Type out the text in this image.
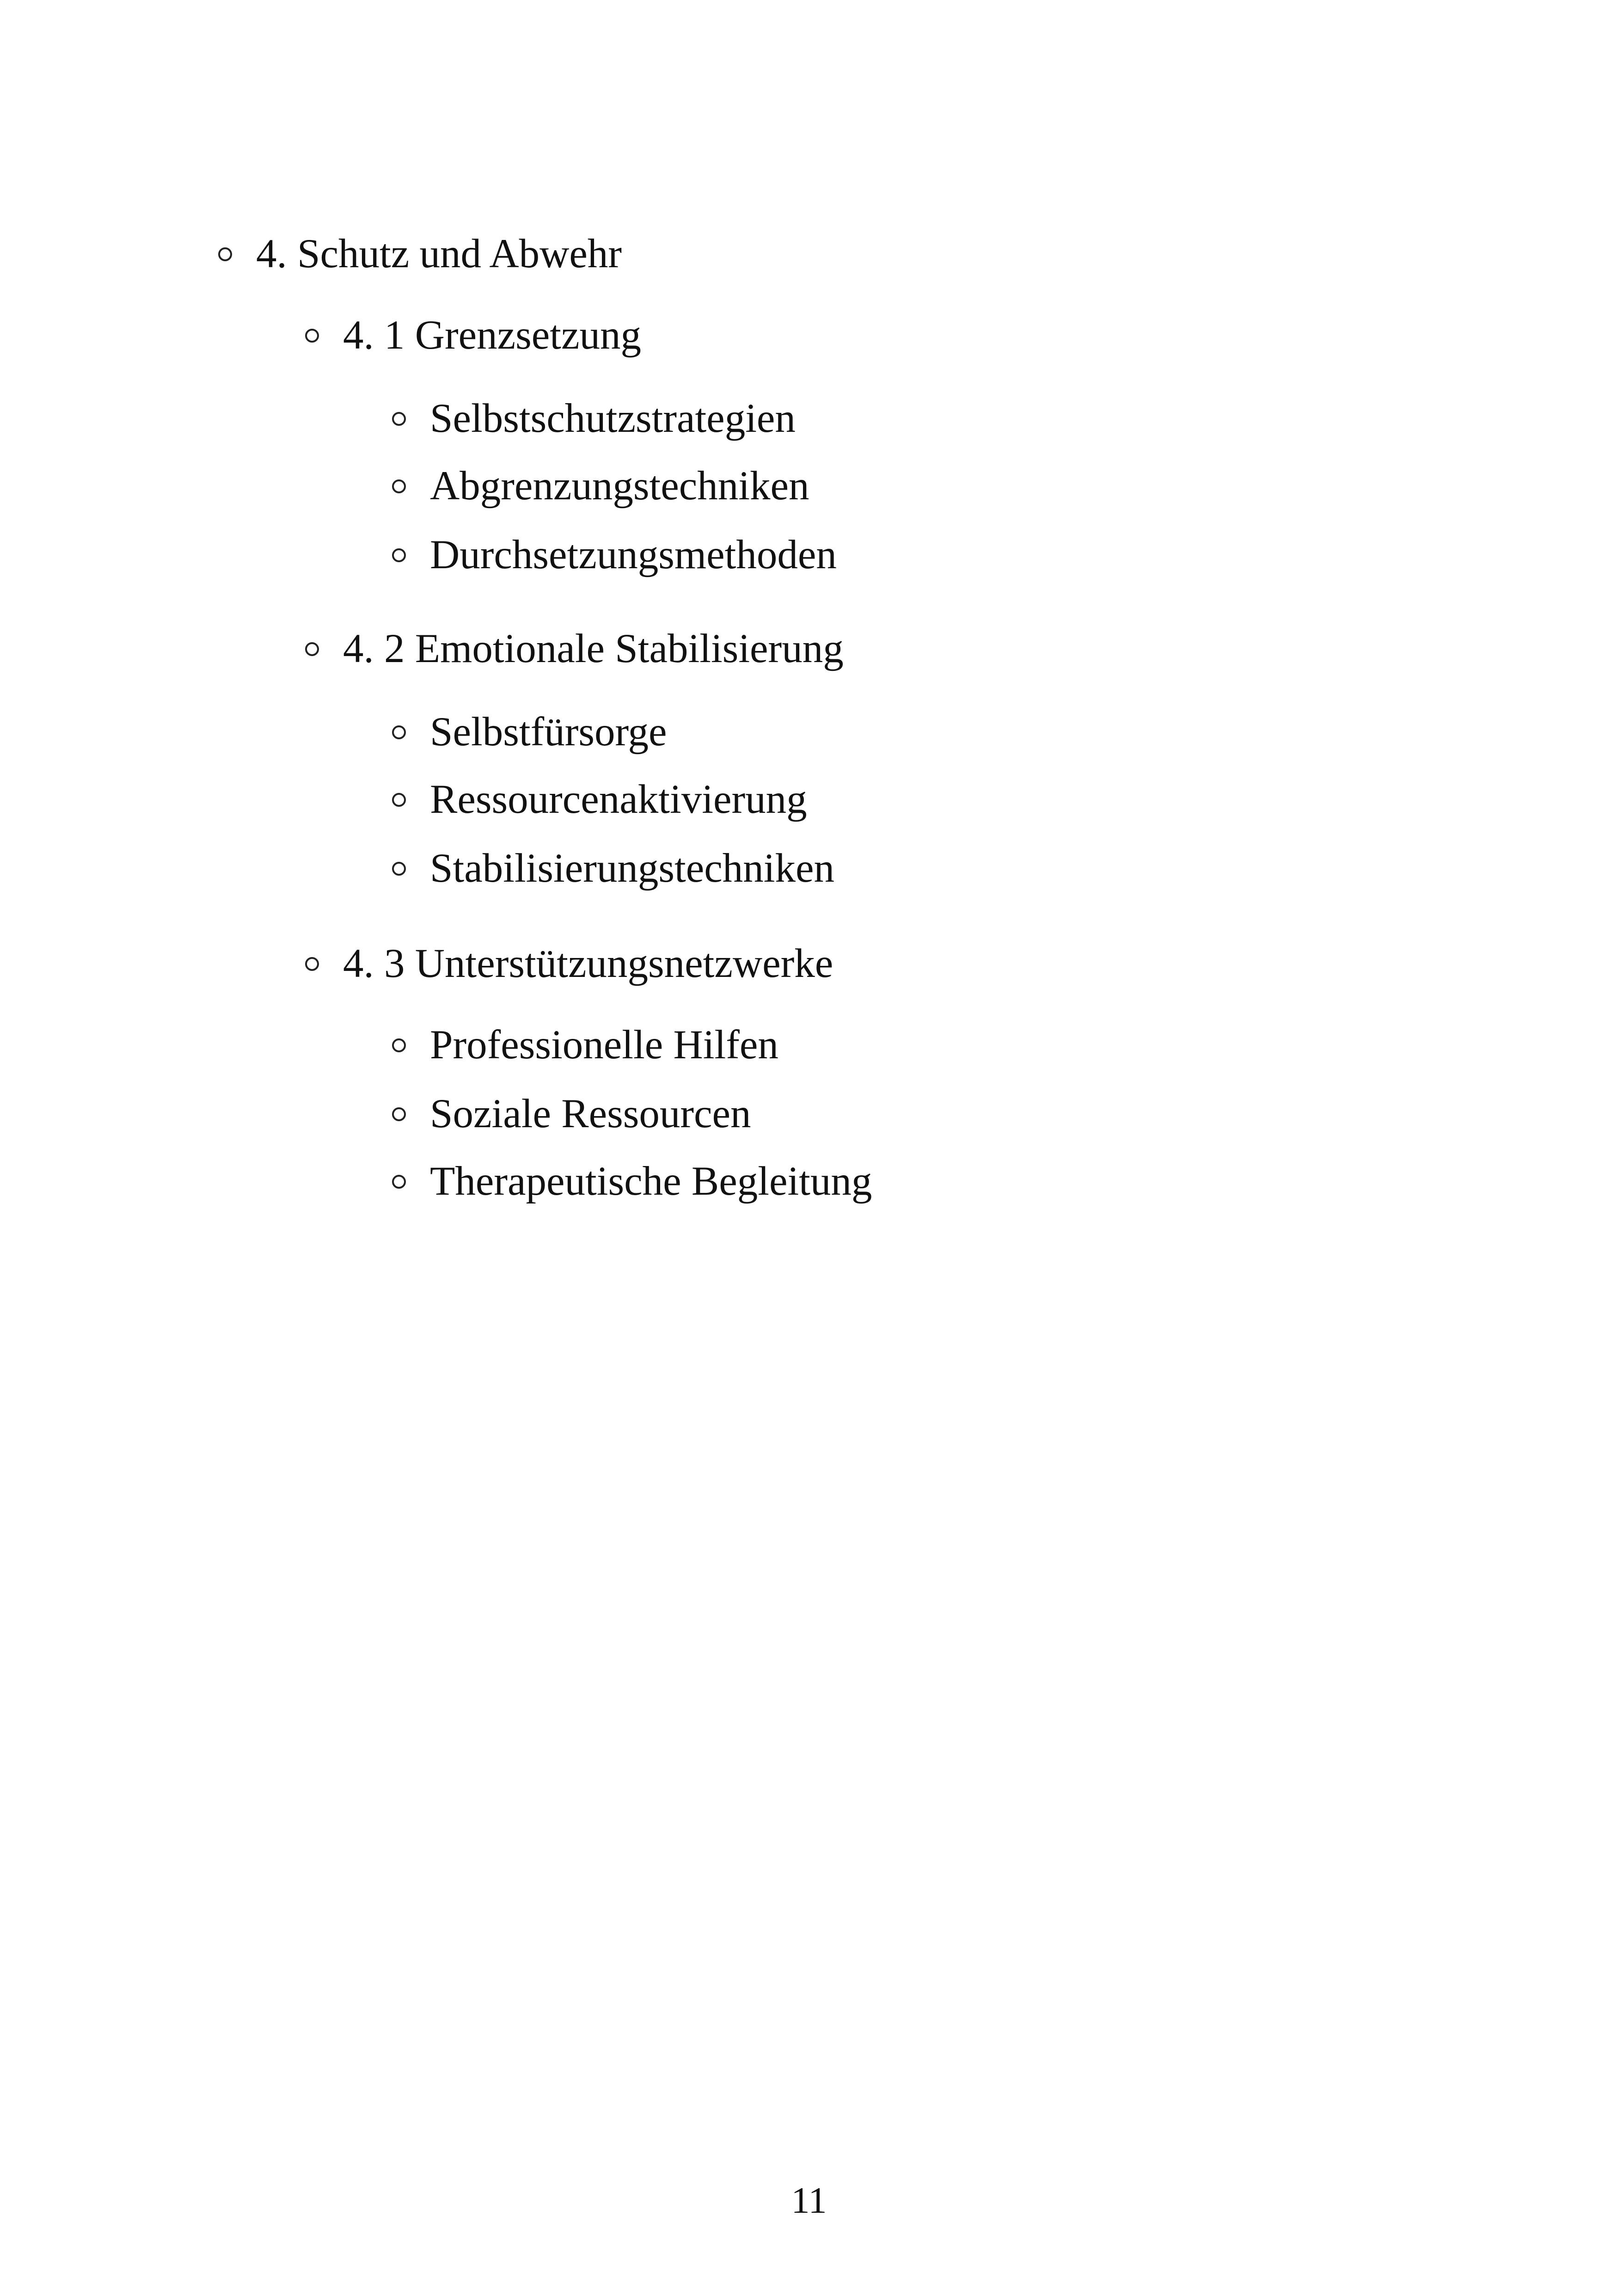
4. Schutz und Abwehr
4. 1 Grenzsetzung
Selbstschutzstrategien
Abgrenzungstechniken
Durchsetzungsmethoden
4. 2 Emotionale Stabilisierung
Selbstfürsorge
Ressourcenaktivierung
Stabilisierungstechniken
4. 3 Unterstützungsnetzwerke
Professionelle Hilfen
Soziale Ressourcen
Therapeutische Begleitung
11
